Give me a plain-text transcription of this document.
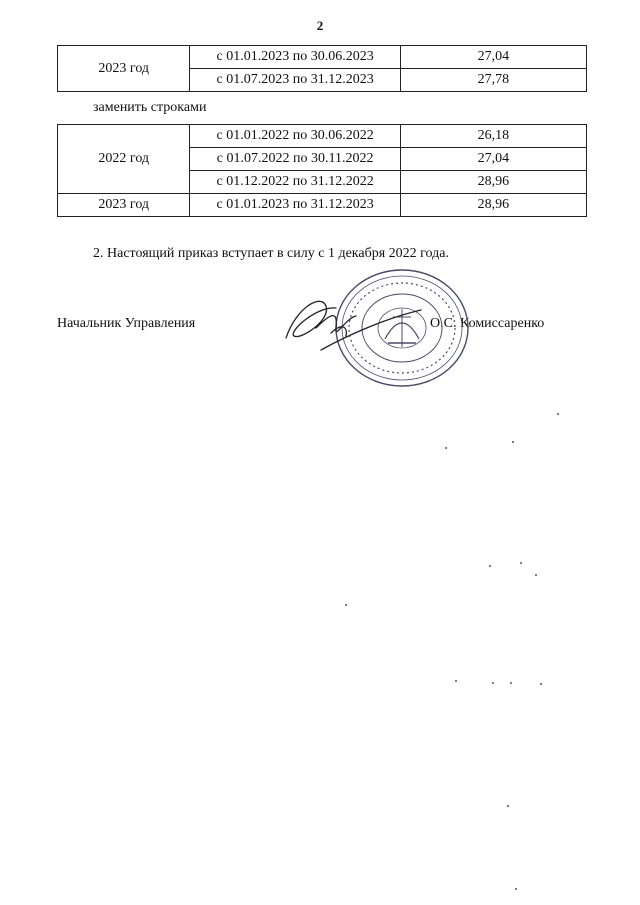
2
2023 год	с 01.01.2023 по 30.06.2023	27,04
	с 01.07.2023 по 31.12.2023	27,78
заменить строками
2022 год	с 01.01.2022 по 30.06.2022	26,18
	с 01.07.2022 по 30.11.2022	27,04
	с 01.12.2022 по 31.12.2022	28,96
2023 год	с 01.01.2023 по 31.12.2023	28,96
2. Настоящий приказ вступает в силу с 1 декабря 2022 года.
Начальник Управления	О.С. Комиссаренко
